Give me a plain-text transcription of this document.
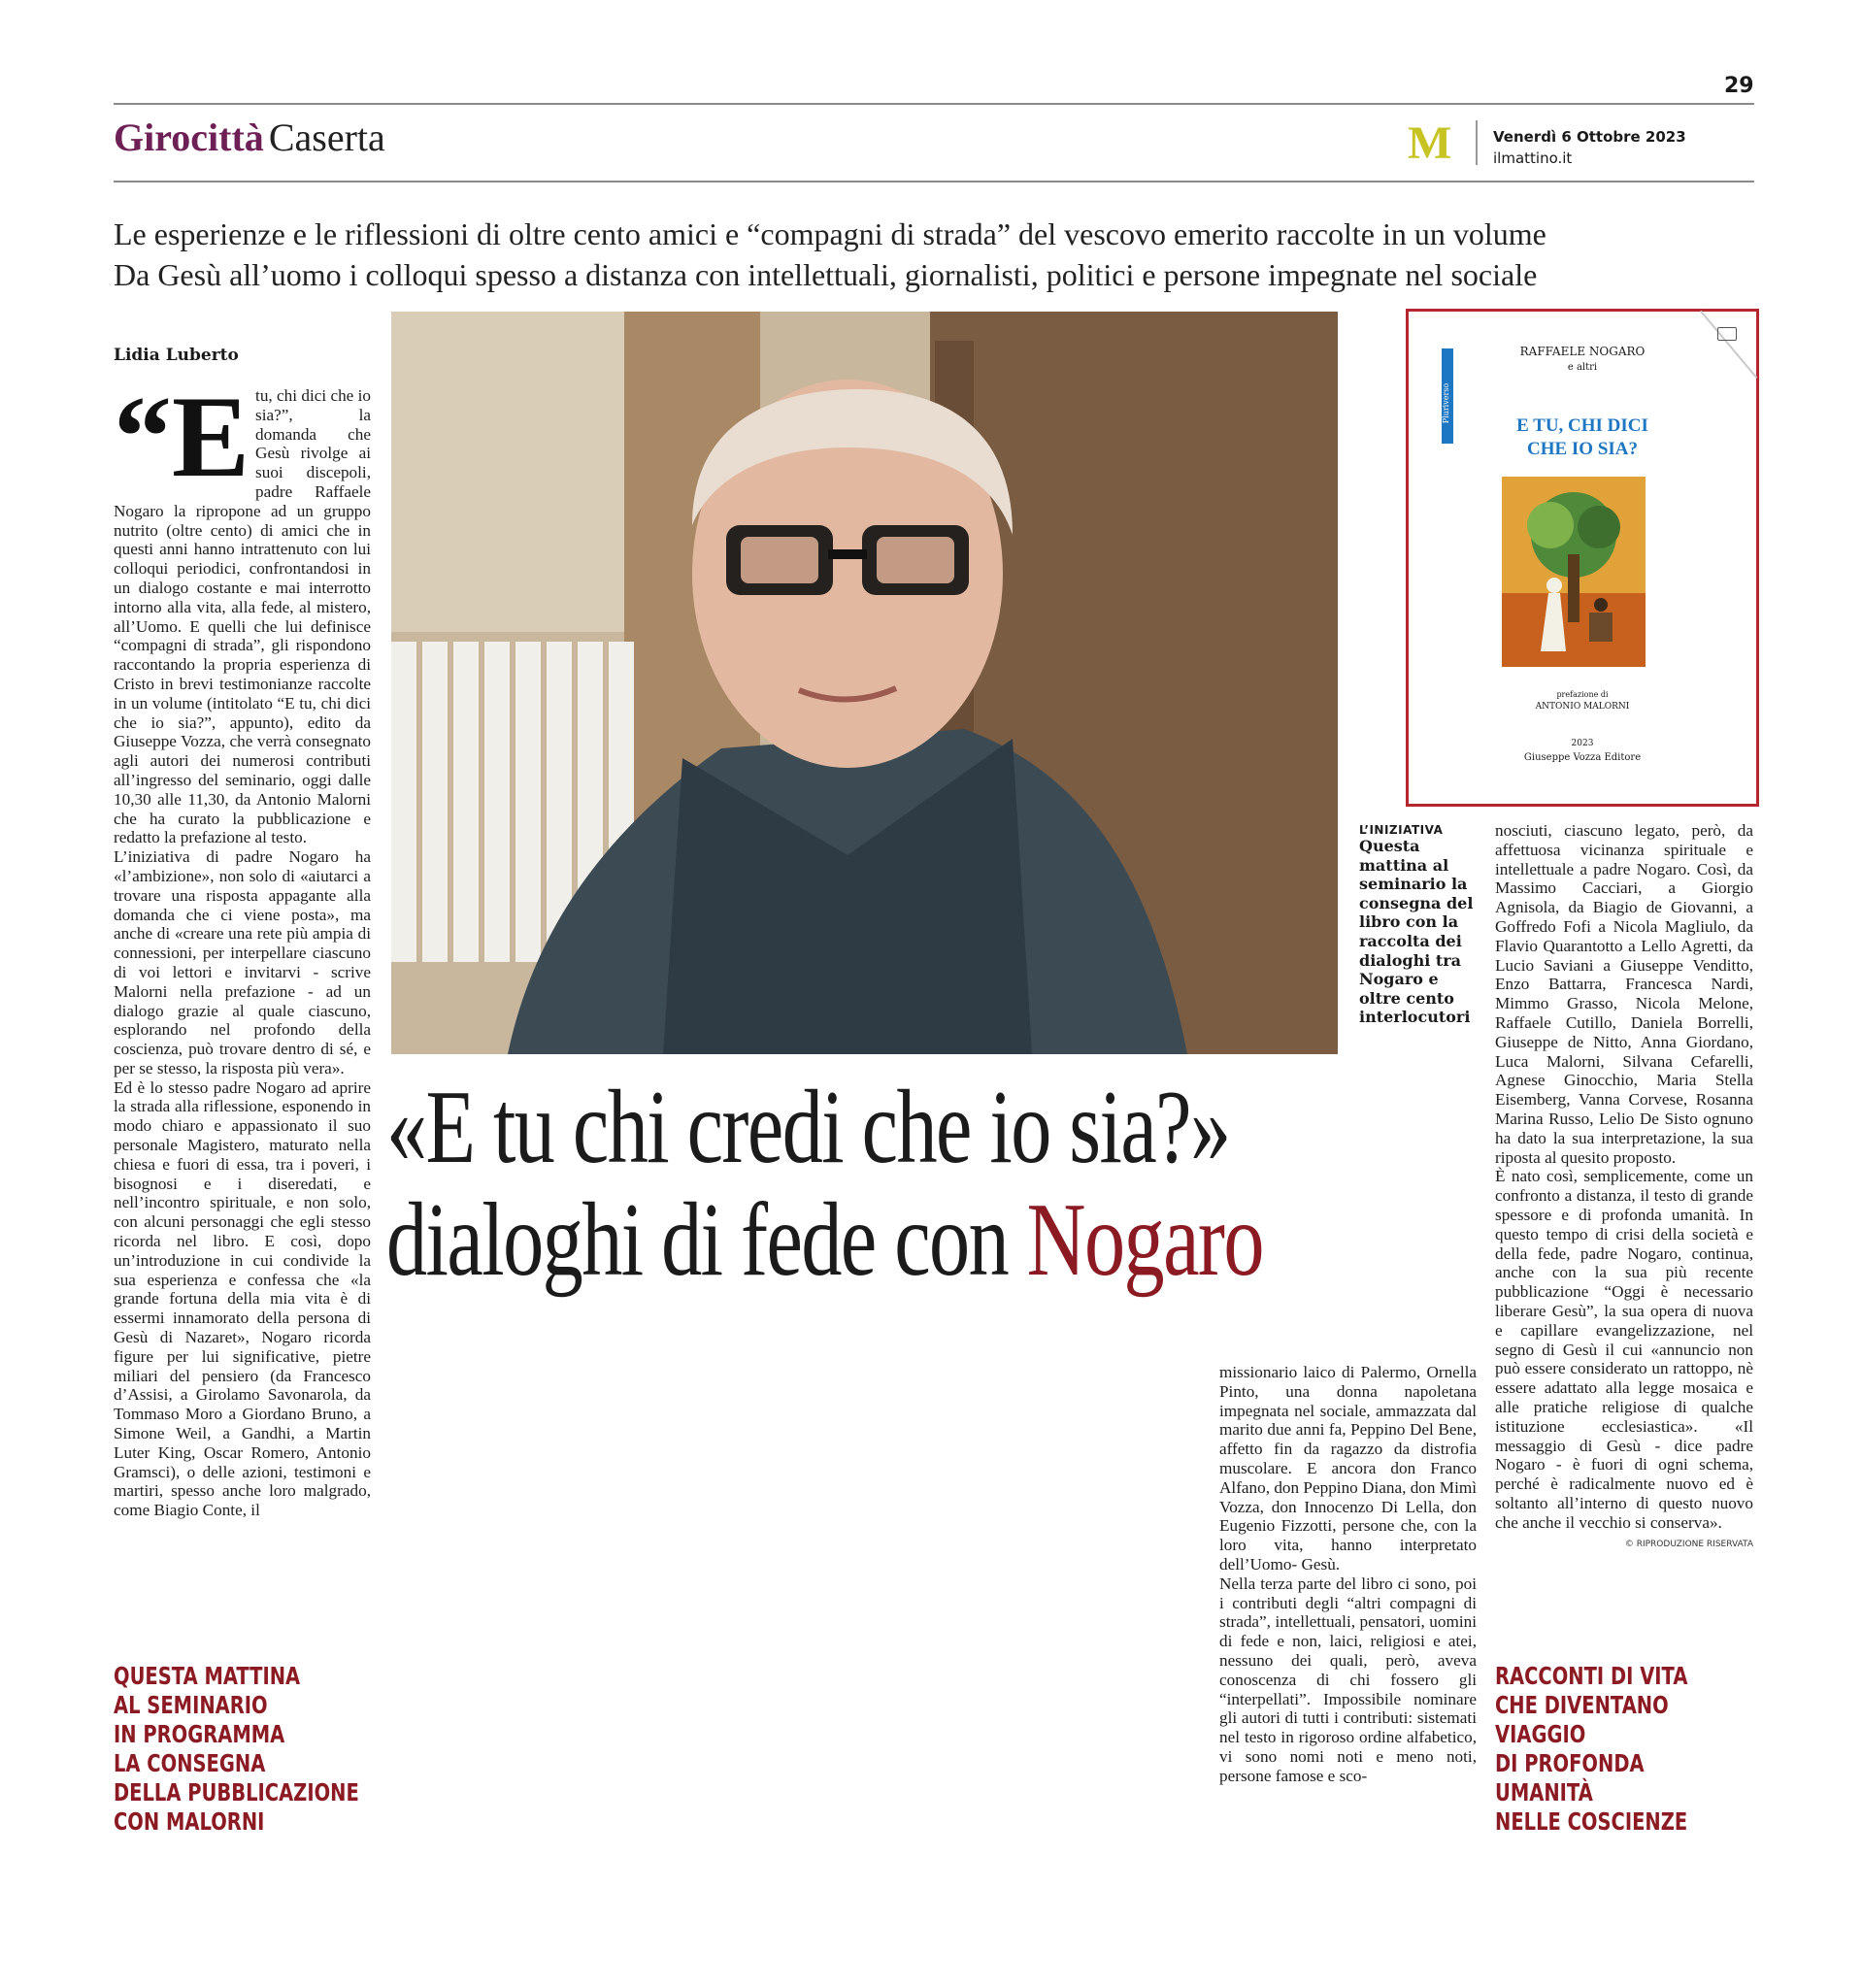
29
Girocittà Caserta	M	Venerdì 6 Ottobre 2023
ilmattino.it
Le esperienze e le riflessioni di oltre cento amici e “compagni di strada” del vescovo emerito raccolte in un volume
Da Gesù all’uomo i colloqui spesso a distanza con intellettuali, giornalisti, politici e persone impegnate nel sociale
Lidia Luberto

“Etu, chi dici che io sia?”, la domanda che Gesù rivolge ai suoi discepoli, padre Raffaele Nogaro la ripropone ad un gruppo nutrito (oltre cento) di amici che in questi anni hanno intrattenuto con lui colloqui periodici, confrontandosi in un dialogo costante e mai interrotto intorno alla vita, alla fede, al mistero, all’Uomo. E quelli che lui definisce “compagni di strada”, gli rispondono raccontando la propria esperienza di Cristo in brevi testimonianze raccolte in un volume (intitolato “E tu, chi dici che io sia?”, appunto), edito da Giuseppe Vozza, che verrà consegnato agli autori dei numerosi contributi all’ingresso del seminario, oggi dalle 10,30 alle 11,30, da Antonio Malorni che ha curato la pubblicazione e redatto la prefazione al testo.

L’iniziativa di padre Nogaro ha «l’ambizione», non solo di «aiutarci a trovare una risposta appagante alla domanda che ci viene posta», ma anche di «creare una rete più ampia di connessioni, per interpellare ciascuno di voi lettori e invitarvi - scrive Malorni nella prefazione - ad un dialogo grazie al quale ciascuno, esplorando nel profondo della coscienza, può trovare dentro di sé, e per se stesso, la risposta più vera».

Ed è lo stesso padre Nogaro ad aprire la strada alla riflessione, esponendo in modo chiaro e appassionato il suo personale Magistero, maturato nella chiesa e fuori di essa, tra i poveri, i bisognosi e i diseredati, e nell’incontro spirituale, e non solo, con alcuni personaggi che egli stesso ricorda nel libro. E così, dopo un’introduzione in cui condivide la sua esperienza e confessa che «la grande fortuna della mia vita è di essermi innamorato della persona di Gesù di Nazaret», Nogaro ricorda figure per lui significative, pietre miliari del pensiero (da Francesco d’Assisi, a Girolamo Savonarola, da Tommaso Moro a Giordano Bruno, a Simone Weil, a Gandhi, a Martin Luter King, Oscar Romero, Antonio Gramsci), o delle azioni, testimoni e martiri, spesso anche loro malgrado, come Biagio Conte, il

Pluriverso
RAFFAELE NOGARO
e altri
E TU, CHI DICI
CHE IO SIA?
prefazione di
ANTONIO MALORNI
2023
Giuseppe Vozza Editore
L’INIZIATIVA
Questa mattina al seminario la consegna del libro con la raccolta dei dialoghi tra Nogaro e oltre cento interlocutori

nosciuti, ciascuno legato, però, da affettuosa vicinanza spirituale e intellettuale a padre Nogaro. Così, da Massimo Cacciari, a Giorgio Agnisola, da Biagio de Giovanni, a Goffredo Fofi a Nicola Magliulo, da Flavio Quarantotto a Lello Agretti, da Lucio Saviani a Giuseppe Venditto, Enzo Battarra, Francesca Nardi, Mimmo Grasso, Nicola Melone, Raffaele Cutillo, Daniela Borrelli, Giuseppe de Nitto, Anna Giordano, Luca Malorni, Silvana Cefarelli, Agnese Ginocchio, Maria Stella Eisemberg, Vanna Corvese, Rosanna Marina Russo, Lelio De Sisto ognuno ha dato la sua interpretazione, la sua riposta al quesito proposto.

È nato così, semplicemente, come un confronto a distanza, il testo di grande spessore e di profonda umanità. In questo tempo di crisi della società e della fede, padre Nogaro, continua, anche con la sua più recente pubblicazione “Oggi è necessario liberare Gesù”, la sua opera di nuova e capillare evangelizzazione, nel segno di Gesù il cui «annuncio non può essere considerato un rattoppo, nè essere adattato alla legge mosaica e alle pratiche religiose di qualche istituzione ecclesiastica». «Il messaggio di Gesù - dice padre Nogaro - è fuori di ogni schema, perché è radicalmente nuovo ed è soltanto all’interno di questo nuovo che anche il vecchio si conserva».

© RIPRODUZIONE RISERVATA
«E tu chi credi che io sia?»
dialoghi di fede con Nogaro

missionario laico di Palermo, Ornella Pinto, una donna napoletana impegnata nel sociale, ammazzata dal marito due anni fa, Peppino Del Bene, affetto fin da ragazzo da distrofia muscolare. E ancora don Franco Alfano, don Peppino Diana, don Mimì Vozza, don Innocenzo Di Lella, don Eugenio Fizzotti, persone che, con la loro vita, hanno interpretato dell’Uomo- Gesù.

Nella terza parte del libro ci sono, poi i contributi degli “altri compagni di strada”, intellettuali, pensatori, uomini di fede e non, laici, religiosi e atei, nessuno dei quali, però, aveva conoscenza di chi fossero gli “interpellati”. Impossibile nominare gli autori di tutti i contributi: sistemati nel testo in rigoroso ordine alfabetico, vi sono nomi noti e meno noti, persone famose e sco-

QUESTA MATTINA
AL SEMINARIO
IN PROGRAMMA
LA CONSEGNA
DELLA PUBBLICAZIONE
CON MALORNI
RACCONTI DI VITA
CHE DIVENTANO
VIAGGIO
DI PROFONDA
UMANITÀ
NELLE COSCIENZE
